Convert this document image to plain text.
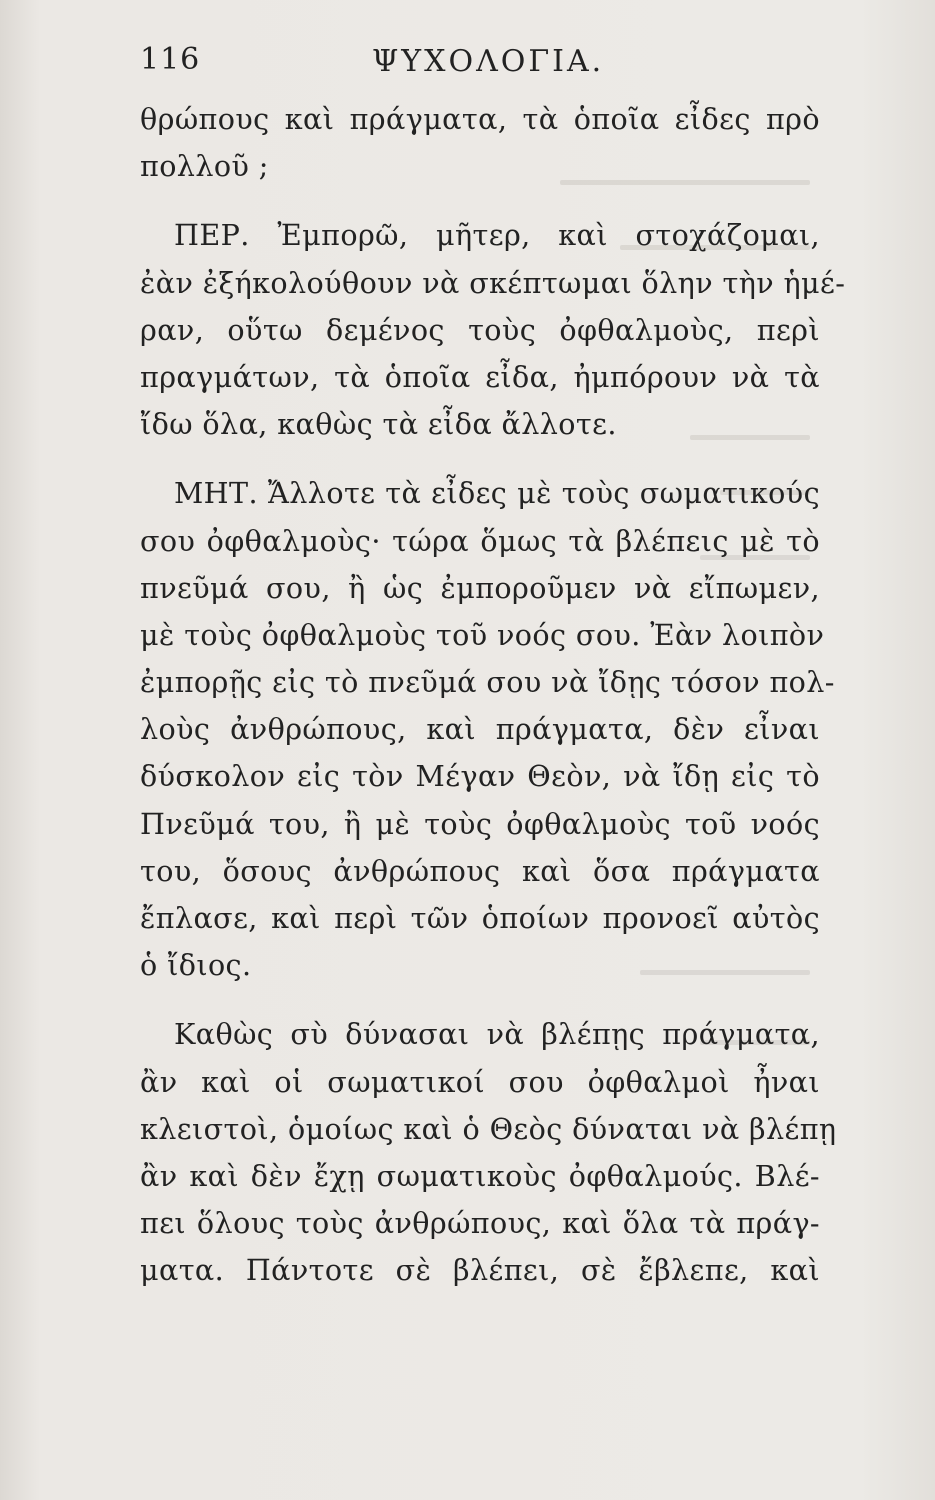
116	ΨΥΧΟΛΟΓΙΑ.
θρώπους καὶ πράγματα, τὰ ὁποῖα εἶδες πρὸ
πολλοῦ ;
ΠΕΡ. Ἐμπορῶ, μῆτερ, καὶ στοχάζομαι,
ἐὰν ἐξήκολούθουν νὰ σκέπτωμαι ὅλην τὴν ἡμέ-
ραν, οὕτω δεμένος τοὺς ὀφθαλμοὺς, περὶ
πραγμάτων, τὰ ὁποῖα εἶδα, ἠμπόρουν νὰ τὰ
ἴδω ὅλα, καθὼς τὰ εἶδα ἄλλοτε.
ΜΗΤ. Ἄλλοτε τὰ εἶδες μὲ τοὺς σωματικούς
σου ὀφθαλμοὺς· τώρα ὅμως τὰ βλέπεις μὲ τὸ
πνεῦμά σου, ἢ ὡς ἐμποροῦμεν νὰ εἴπωμεν,
μὲ τοὺς ὀφθαλμοὺς τοῦ νοός σου. Ἐὰν λοιπὸν
ἐμπορῇς εἰς τὸ πνεῦμά σου νὰ ἴδῃς τόσον πολ-
λοὺς ἀνθρώπους, καὶ πράγματα, δὲν εἶναι
δύσκολον εἰς τὸν Μέγαν Θεὸν, νὰ ἴδῃ εἰς τὸ
Πνεῦμά του, ἢ μὲ τοὺς ὀφθαλμοὺς τοῦ νοός
του, ὅσους ἀνθρώπους καὶ ὅσα πράγματα
ἔπλασε, καὶ περὶ τῶν ὁποίων προνοεῖ αὐτὸς
ὁ ἴδιος.
Καθὼς σὺ δύνασαι νὰ βλέπῃς πράγματα,
ἂν καὶ οἱ σωματικοί σου ὀφθαλμοὶ ἦναι
κλειστοὶ, ὁμοίως καὶ ὁ Θεὸς δύναται νὰ βλέπῃ
ἂν καὶ δὲν ἔχῃ σωματικοὺς ὀφθαλμούς. Βλέ-
πει ὅλους τοὺς ἀνθρώπους, καὶ ὅλα τὰ πράγ-
ματα. Πάντοτε σὲ βλέπει, σὲ ἔβλεπε, καὶ
